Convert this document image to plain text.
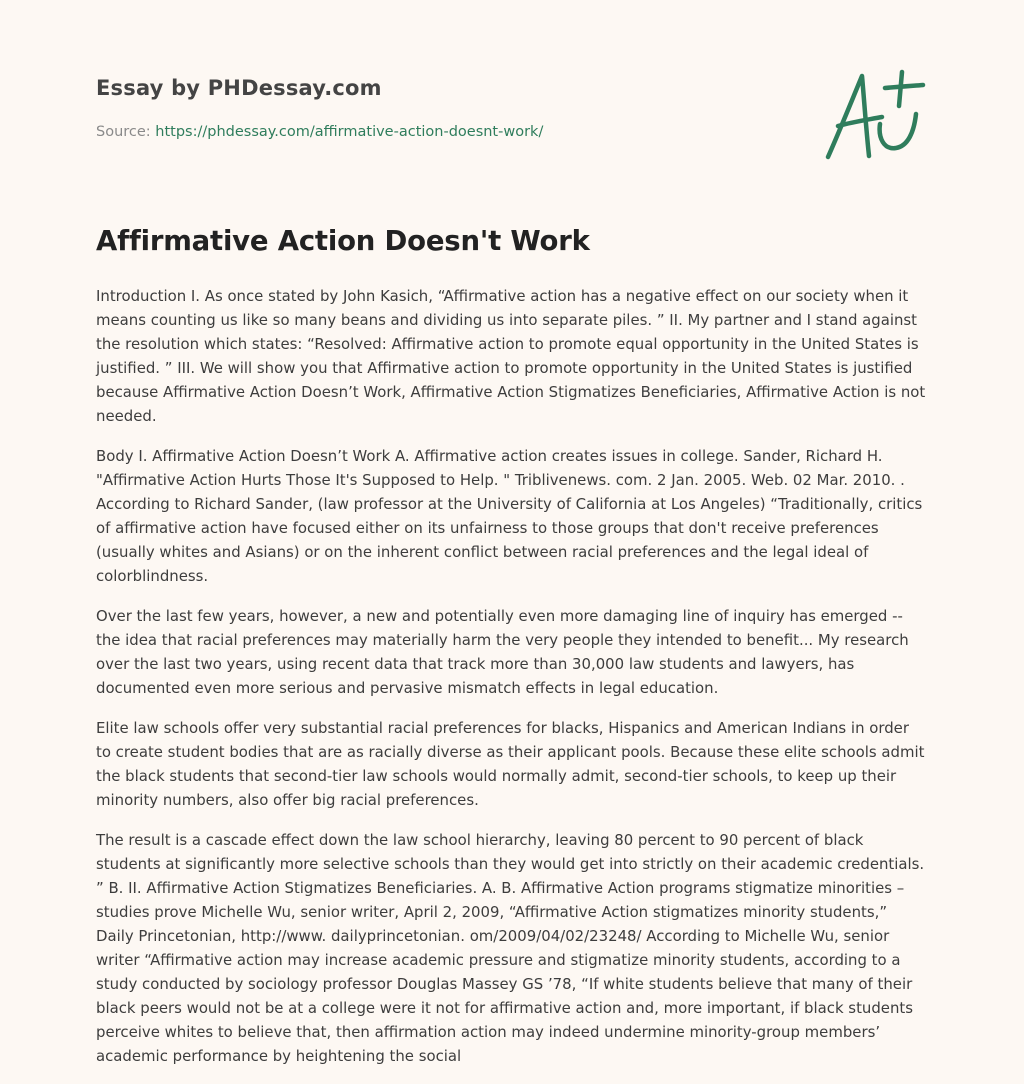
Essay by PHDessay.com
Source: https://phdessay.com/affirmative-action-doesnt-work/
Affirmative Action Doesn't Work

Introduction I. As once stated by John Kasich, “Affirmative action has a negative effect on our society when it means counting us like so many beans and dividing us into separate piles. ” II. My partner and I stand against the resolution which states: “Resolved: Affirmative action to promote equal opportunity in the United States is justified. ” III. We will show you that Affirmative action to promote opportunity in the United States is justified because Affirmative Action Doesn’t Work, Affirmative Action Stigmatizes Beneficiaries, Affirmative Action is not needed.

Body I. Affirmative Action Doesn’t Work A. Affirmative action creates issues in college. Sander, Richard H. "Affirmative Action Hurts Those It's Supposed to Help. " Triblivenews. com. 2 Jan. 2005. Web. 02 Mar. 2010. . According to Richard Sander, (law professor at the University of California at Los Angeles) “Traditionally, critics of affirmative action have focused either on its unfairness to those groups that don't receive preferences (usually whites and Asians) or on the inherent conflict between racial preferences and the legal ideal of colorblindness.

Over the last few years, however, a new and potentially even more damaging line of inquiry has emerged -- the idea that racial preferences may materially harm the very people they intended to benefit... My research over the last two years, using recent data that track more than 30,000 law students and lawyers, has documented even more serious and pervasive mismatch effects in legal education.

Elite law schools offer very substantial racial preferences for blacks, Hispanics and American Indians in order to create student bodies that are as racially diverse as their applicant pools. Because these elite schools admit the black students that second-tier law schools would normally admit, second-tier schools, to keep up their minority numbers, also offer big racial preferences.

The result is a cascade effect down the law school hierarchy, leaving 80 percent to 90 percent of black students at significantly more selective schools than they would get into strictly on their academic credentials. ” B. II. Affirmative Action Stigmatizes Beneficiaries. A. B. Affirmative Action programs stigmatize minorities – studies prove Michelle Wu, senior writer, April 2, 2009, “Affirmative Action stigmatizes minority students,” Daily Princetonian, http://www. dailyprincetonian. om/2009/04/02/23248/ According to Michelle Wu, senior writer “Affirmative action may increase academic pressure and stigmatize minority students, according to a study conducted by sociology professor Douglas Massey GS ’78, “If white students believe that many of their black peers would not be at a college were it not for affirmative action and, more important, if black students perceive whites to believe that, then affirmation action may indeed undermine minority-group members’ academic performance by heightening the social
